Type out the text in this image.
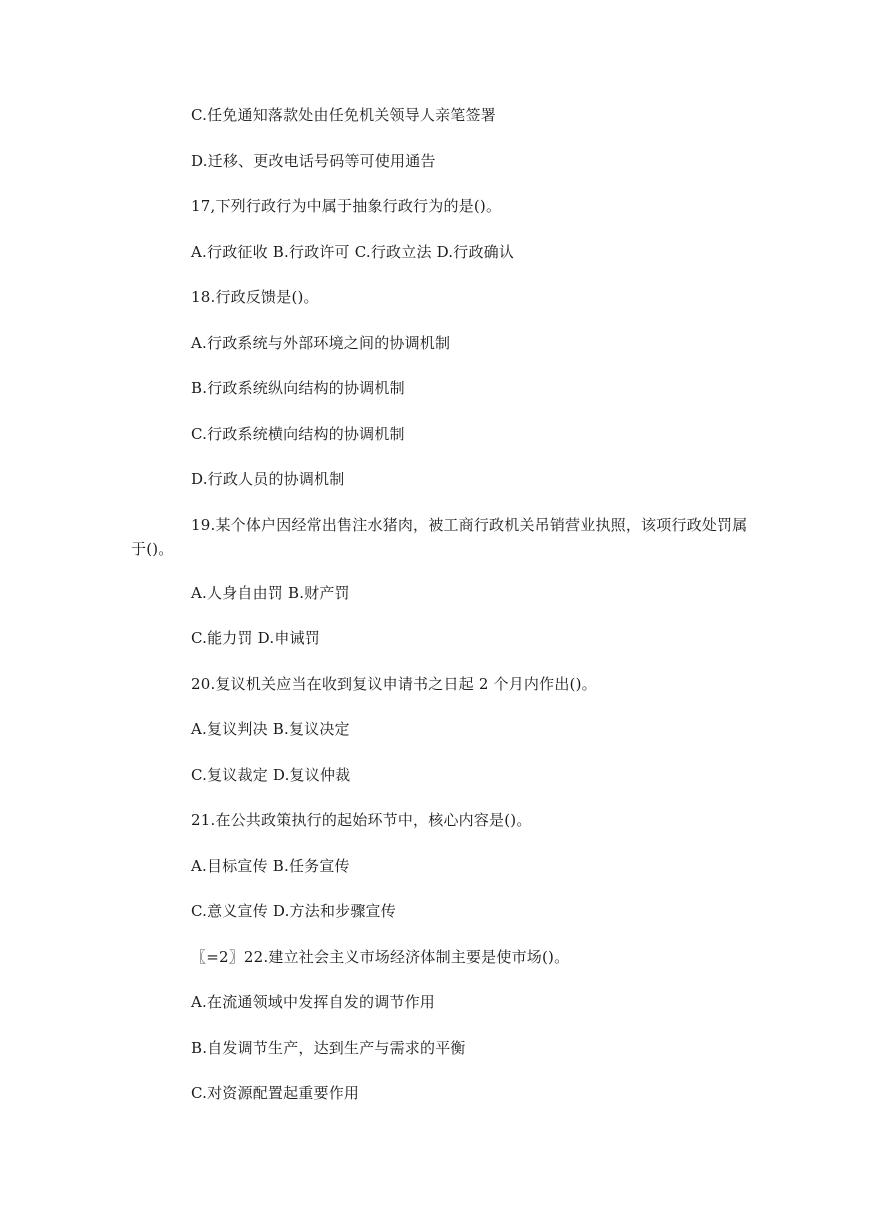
C.任免通知落款处由任免机关领导人亲笔签署
D.迁移、更改电话号码等可使用通告
17,下列行政行为中属于抽象行政行为的是()。
A.行政征收 B.行政许可 C.行政立法 D.行政确认
18.行政反馈是()。
A.行政系统与外部环境之间的协调机制
B.行政系统纵向结构的协调机制
C.行政系统横向结构的协调机制
D.行政人员的协调机制
19.某个体户因经常出售注水猪肉，被工商行政机关吊销营业执照，该项行政处罚属于()。
A.人身自由罚 B.财产罚
C.能力罚 D.申诫罚
20.复议机关应当在收到复议申请书之日起 2 个月内作出()。
A.复议判决 B.复议决定
C.复议裁定 D.复议仲裁
21.在公共政策执行的起始环节中，核心内容是()。
A.目标宣传 B.任务宣传
C.意义宣传 D.方法和步骤宣传
〖=2〗22.建立社会主义市场经济体制主要是使市场()。
A.在流通领域中发挥自发的调节作用
B.自发调节生产，达到生产与需求的平衡
C.对资源配置起重要作用
